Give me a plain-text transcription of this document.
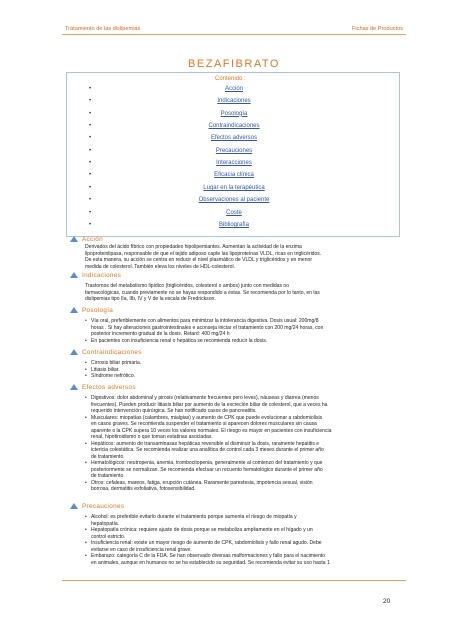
Tratamiento de las dislipemias	Fichas de Productos
BEZAFIBRATO
Contenido :
•	Acción
•	Indicaciones
•	Posología
•	Contraindicaciones
•	Efectos adversos
•	Precauciones
•	Interacciones
•	Eficacia clínica
•	Lugar en la terapéutica
•	Observaciones al paciente
•	Coste
•	Bibliografía
Acción
Derivados del ácido fíbrico con propiedades hipolipemiantes. Aumentan la actividad de la enzima
lipoproteinlipasa, responsable de que el tejido adiposo capte las lipoproteínas VLDL, ricas en triglicéridos.
De esta manera, su acción se centra en reducir el nivel plasmático de VLDL y triglicéridos y en menor
medida de colesterol. También eleva los niveles de HDL-colesterol.
Indicaciones
Trastornos del metabolismo lipídico (triglicéridos, colesterol o ambos) junto con medidas no
farmacológicas, cuando previamente no se hayas respondido a éstas. Se recomienda por lo tanto, en las
dislipemias tipo IIa, IIb, IV y V de la escala de Fredrickson.
Posología
• Vía oral, preferiblemente con alimentos para minimizar la intolerancia digestiva. Dosis usual: 200mg/8
horas . Si hay alteraciones gastrointestinales e aconseja iniciar el tratamiento con 200 mg/24 horas, con
posterior incremento gradual de la dosis. Retard: 400 mg/24 h
• En pacientes con insuficiencia renal o hepática se recomienda reducir la dosis.
Contraindicaciones
• Cirrosis biliar primaria.
• Litiasis biliar.
• Síndrome nefrótico.
Efectos adversos
• Digestivos: dolor abdominal y pirosis (relativamente frecuentes pero leves), náuseas y diarrea (menos
frecuentes). Pueden producir litiasis biliar por aumento de la excreción biliar de colesterol, que a veces ha
requerido intervención quirúrgica. Se han notificado casos de pancreatitis.
• Musculares: miopatías (calambres, mialgias) y aumento de CPK que puede evolucionar a rabdomiolisis
en casos graves. Se recomienda suspender el tratamiento si aparecen dolores musculares sin causa
aparente o la CPK supera 10 veces los valores normales. El riesgo es mayor en pacientes con insuficiencia
renal, hipotiroidismo o que toman estatinas asociadas.
• Hepáticos: aumento de transaminasas hepáticas reversible al disminuir la dosis, raramente hepatitis e
ictericia colestática. Se recomienda realizar una analítica de control cada 3 meses durante el primer año
de tratamiento.
• Hematológicos: neutropenia, anemia, trombocitopenia, generalmente al comienzo del tratamiento y que
posteriormente se normalizan. Se recomienda efectuar un recuento hematológico durante el primer año
de tratamiento.
• Otros: cefaleas, mareos, fatiga, erupción cutánea. Raramente parestesia, impotencia sexual, visión
borrosa, dermatitis exfoliativa, fotosensibilidad.
Precauciones
• Alcohol: es preferible evitarlo durante el tratamiento porque aumenta el riesgo de miopatía y
hepatopatía.
• Hepatopatía crónica: requiere ajuste de dosis porque se metaboliza ampliamente en el hígado y un
control estricto.
• Insuficiencia renal: existe un mayor riesgo de aumento de CPK, rabdomiolisis y fallo renal agudo. Debe
evitarse en caso de insuficiencia renal grave.
• Embarazo: categoría C de la FDA. Se han observado diversas malformaciones y fallo para el nacimiento
en animales, aunque en humanos no se ha establecido su seguridad. Se recomienda evitar su uso hasta 1
20
